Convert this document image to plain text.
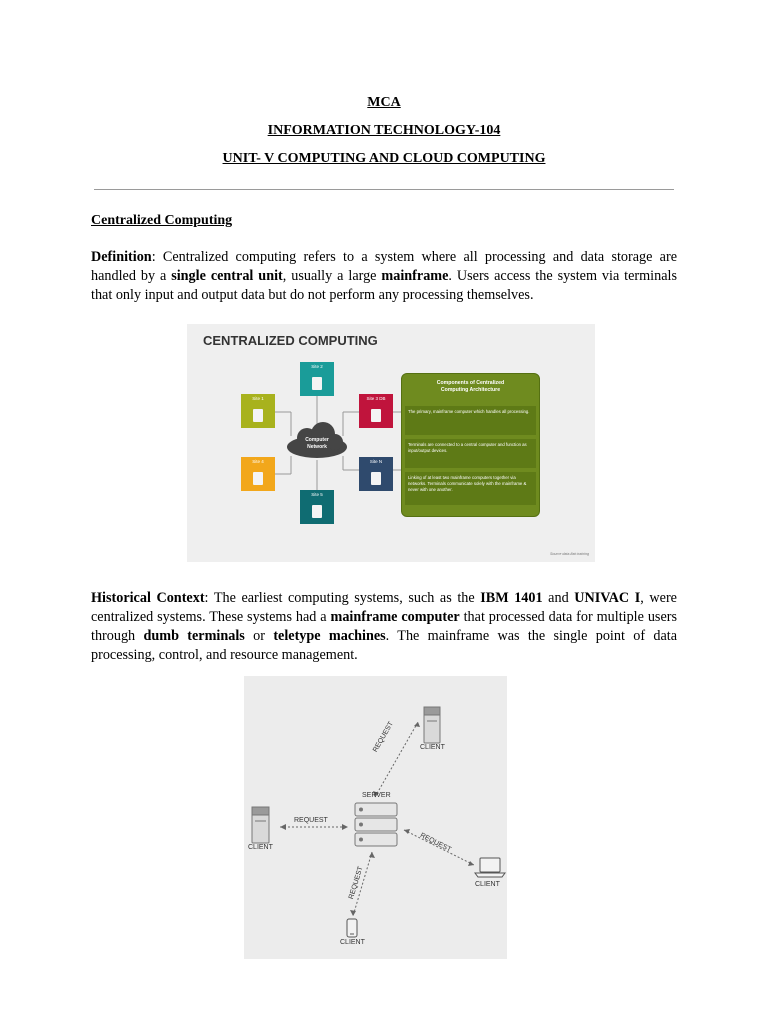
MCA
INFORMATION TECHNOLOGY-104
UNIT- V COMPUTING AND CLOUD COMPUTING
Centralized Computing

Definition: Centralized computing refers to a system where all processing and data storage are handled by a single central unit, usually a large mainframe. Users access the system via terminals that only input and output data but do not perform any processing themselves.

CENTRALIZED COMPUTING
Site 2
Site 1	Site 3 DB
Site 4	Site N
Site 5
Computer
Network
Components of Centralized
Computing Architecture
The primary, mainframe computer which handles all processing.
Terminals are connected to a central computer and function as input/output devices.
Linking of at least two mainframe computers together via networks. Terminals communicate solely with the mainframe & never with one another.
Source data-flair.training

Historical Context: The earliest computing systems, such as the IBM 1401 and UNIVAC I, were centralized systems. These systems had a mainframe computer that processed data for multiple users through dumb terminals or teletype machines. The mainframe was the single point of data processing, control, and resource management.

SERVER
CLIENT
CLIENT
CLIENT
CLIENT
REQUEST
REQUEST
REQUEST
REQUEST
